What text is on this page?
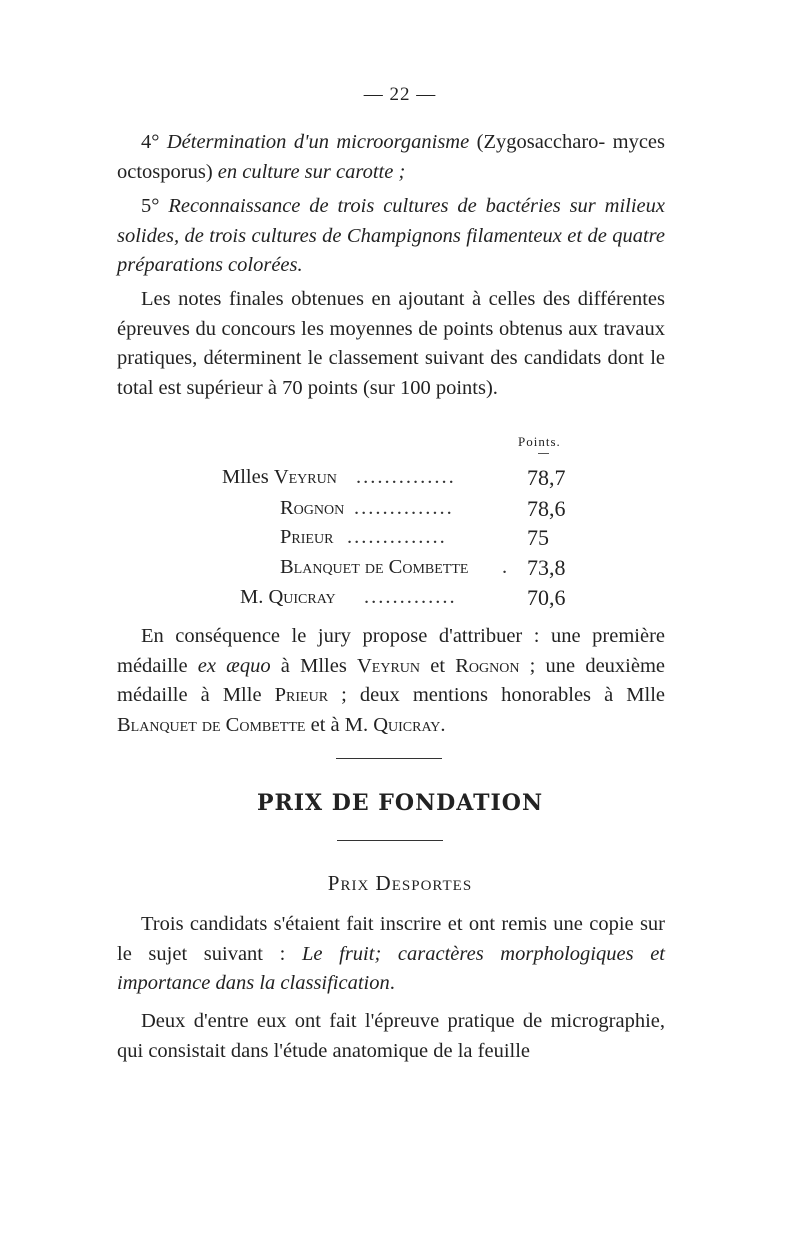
— 22 —
4° Détermination d'un microorganisme (Zygosaccharo- myces octosporus) en culture sur carotte ;
5° Reconnaissance de trois cultures de bactéries sur milieux solides, de trois cultures de Champignons filamenteux et de quatre préparations colorées.
Les notes finales obtenues en ajoutant à celles des différentes épreuves du concours les moyennes de points obtenus aux travaux pratiques, déterminent le classement suivant des candidats dont le total est supérieur à 70 points (sur 100 points).
Points.
Mlles Veyrun ..............	78,7
Rognon ..............	78,6
Prieur ..............	75
Blanquet de Combette . 73,8
M. Quicray .............	70,6
En conséquence le jury propose d'attribuer : une première médaille ex æquo à Mlles Veyrun et Rognon ; une deuxième médaille à Mlle Prieur ; deux mentions honorables à Mlle Blanquet de Combette et à M. Quicray.
PRIX DE FONDATION
Prix Desportes
Trois candidats s'étaient fait inscrire et ont remis une copie sur le sujet suivant : Le fruit; caractères morphologiques et importance dans la classification.
Deux d'entre eux ont fait l'épreuve pratique de micrographie, qui consistait dans l'étude anatomique de la feuille
